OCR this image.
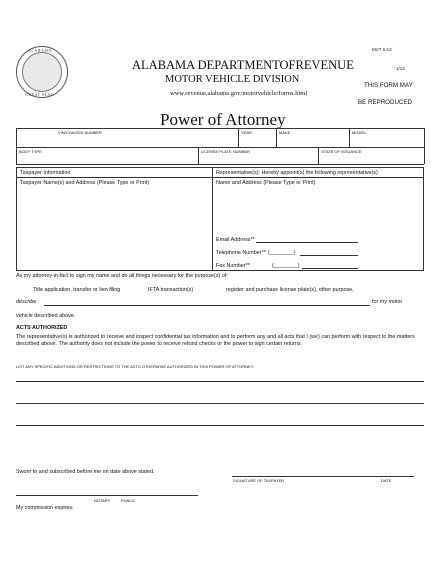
ALABAMA
GREAT SEAL
MVT 5-13
1/13
THIS FORM MAY
BE REPRODUCED
ALABAMA DEPARTMENTOFREVENUE
MOTOR VEHICLE DIVISION
www.revenue.alabama.gov/motorvehicle/forms.html
Power of Attorney
VIN/CHASSIS NUMBER	YEAR	MAKE	MODEL
BODY TYPE	LICENSE PLATE NUMBER	STATE OF ISSUANCE
Taxpayer Information
Taxpayer Name(s) and Address (Please Type or Print)
Representative(s): Hereby appoint(s) the following representative(s)
Name and Address (Please Type or Print)
Email Address**
Telephone Number** (________)
Fax Number**	(________)
As my attorney-in-fact to sign my name and do all things necessary for the purpose(s) of:
Title application, transfer or lien filing	IFTA transaction(s)	register and purchase license plate(s), other purpose,
describe	for my motor
vehicle described above.
ACTS AUTHORIZED
The representative(s) is authorized to receive and inspect confidential tax information and to perform any and all acts that I (we) can perform with respect to the matters described above. The authority does not include the power to receive refund checks or the power to sign certain returns.
LIST ANY SPECIFIC ADDITIONS OR RESTRICTIONS TO THE ACTS OTHERWISE AUTHORIZED IN THIS POWER OF ATTORNEY:
Sworn to and subscribed before me on date above stated.
SIGNATURE OF TAXPAYER	DATE
NOTARY	PUBLIC
My commission expires:
